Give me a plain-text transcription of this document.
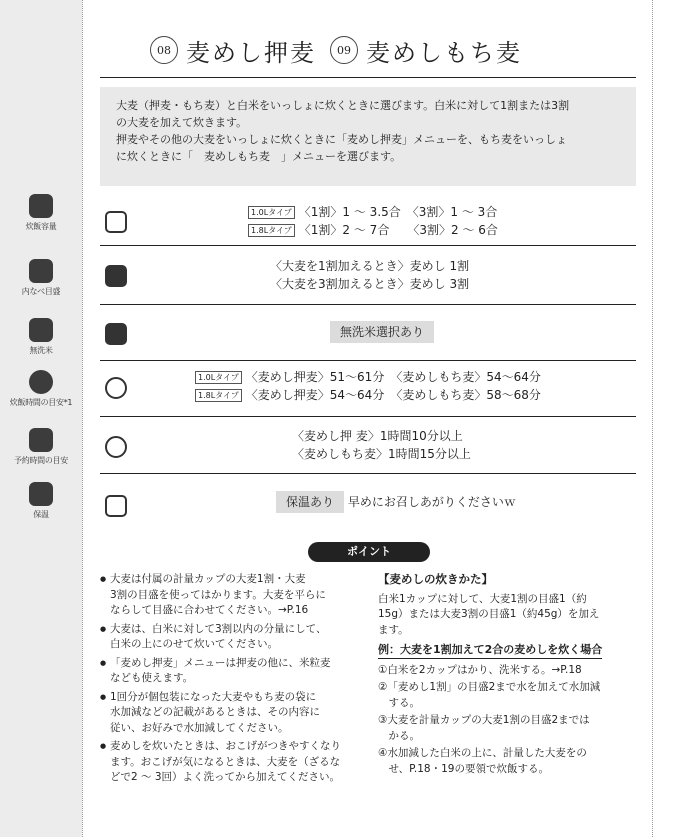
炊飯容量
内なべ目盛
無洗米
炊飯時間の目安*1
予約時間の目安
保温
08 麦めし押麦	09 麦めしもち麦

大麦（押麦・もち麦）と白米をいっしょに炊くときに選びます。白米に対して1割または3割

の大麦を加えて炊きます。

押麦やその他の大麦をいっしょに炊くときに「麦めし押麦」メニューを、もち麦をいっしょ

に炊くときに「　麦めしもち麦　」メニューを選びます。

1.0Lタイプ 〈1割〉1 ～ 3.5合　〈3割〉1 ～ 3合
1.8Lタイプ 〈1割〉2 ～ 7合　　〈3割〉2 ～ 6合
〈大麦を1割加えるとき〉麦めし 1割
〈大麦を3割加えるとき〉麦めし 3割
無洗米選択あり
1.0Lタイプ 〈麦めし押麦〉51～61分　〈麦めしもち麦〉54～64分
1.8Lタイプ 〈麦めし押麦〉54～64分　〈麦めしもち麦〉58～68分
〈麦めし押 麦〉1時間10分以上
〈麦めしもち麦〉1時間15分以上
保温あり 早めにお召しあがりくださいｗ
ポイント
● 大麦は付属の計量カップの大麦1割・大麦
3割の目盛を使ってはかります。大麦を平らに
ならして目盛に合わせてください。→P.16
● 大麦は、白米に対して3割以内の分量にして、
白米の上にのせて炊いてください。
● 「麦めし押麦」メニューは押麦の他に、米粒麦
なども使えます。
● 1回分が個包装になった大麦やもち麦の袋に
水加減などの記載があるときは、その内容に
従い、お好みで水加減してください。
● 麦めしを炊いたときは、おこげがつきやすくなり
ます。おこげが気になるときは、大麦を（ざるな
どで2 ～ 3回）よく洗ってから加えてください。
【麦めしの炊きかた】
白米1カップに対して、大麦1割の目盛1（約
15g）または大麦3割の目盛1（約45g）を加え
ます。
例：大麦を1割加えて2合の麦めしを炊く場合
①白米を2カップはかり、洗米する。→P.18
②「麦めし1割」の目盛2まで水を加えて水加減
　する。
③大麦を計量カップの大麦1割の目盛2までは
　かる。
④水加減した白米の上に、計量した大麦をの
　せ、P.18・19の要領で炊飯する。
